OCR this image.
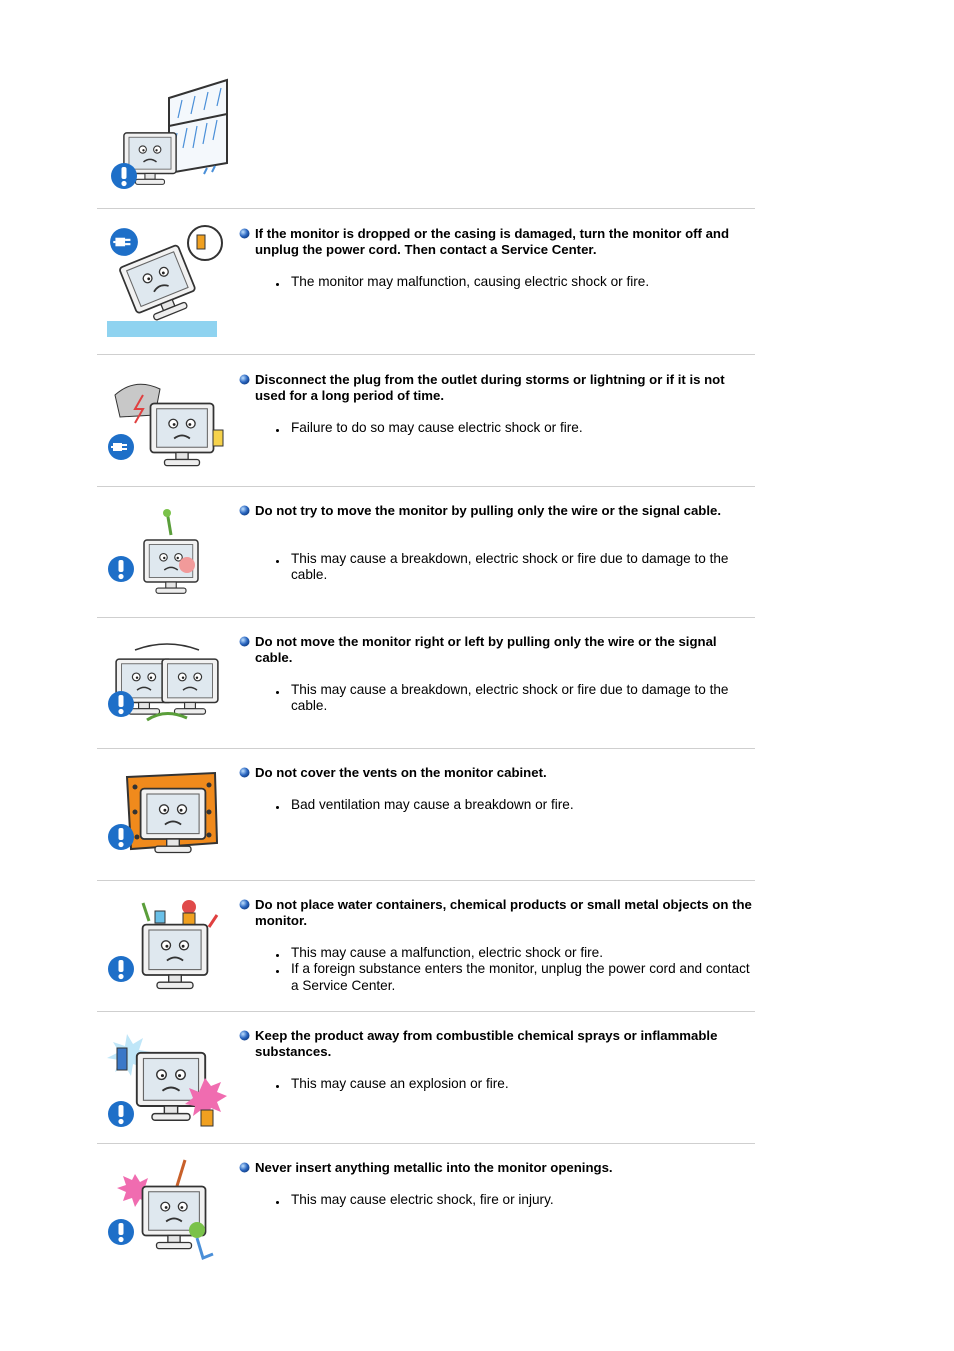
If the monitor is dropped or the casing is damaged, turn the monitor off and unplug the power cord. Then contact a Service Center.
The monitor may malfunction, causing electric shock or fire.
Disconnect the plug from the outlet during storms or lightning or if it is not used for a long period of time.
Failure to do so may cause electric shock or fire.
Do not try to move the monitor by pulling only the wire or the signal cable.
This may cause a breakdown, electric shock or fire due to damage to the cable.
Do not move the monitor right or left by pulling only the wire or the signal cable.
This may cause a breakdown, electric shock or fire due to damage to the cable.
Do not cover the vents on the monitor cabinet.
Bad ventilation may cause a breakdown or fire.
Do not place water containers, chemical products or small metal objects on the monitor.
This may cause a malfunction, electric shock or fire.
If a foreign substance enters the monitor, unplug the power cord and contact a Service Center.
Keep the product away from combustible chemical sprays or inflammable substances.
This may cause an explosion or fire.
Never insert anything metallic into the monitor openings.
This may cause electric shock, fire or injury.
